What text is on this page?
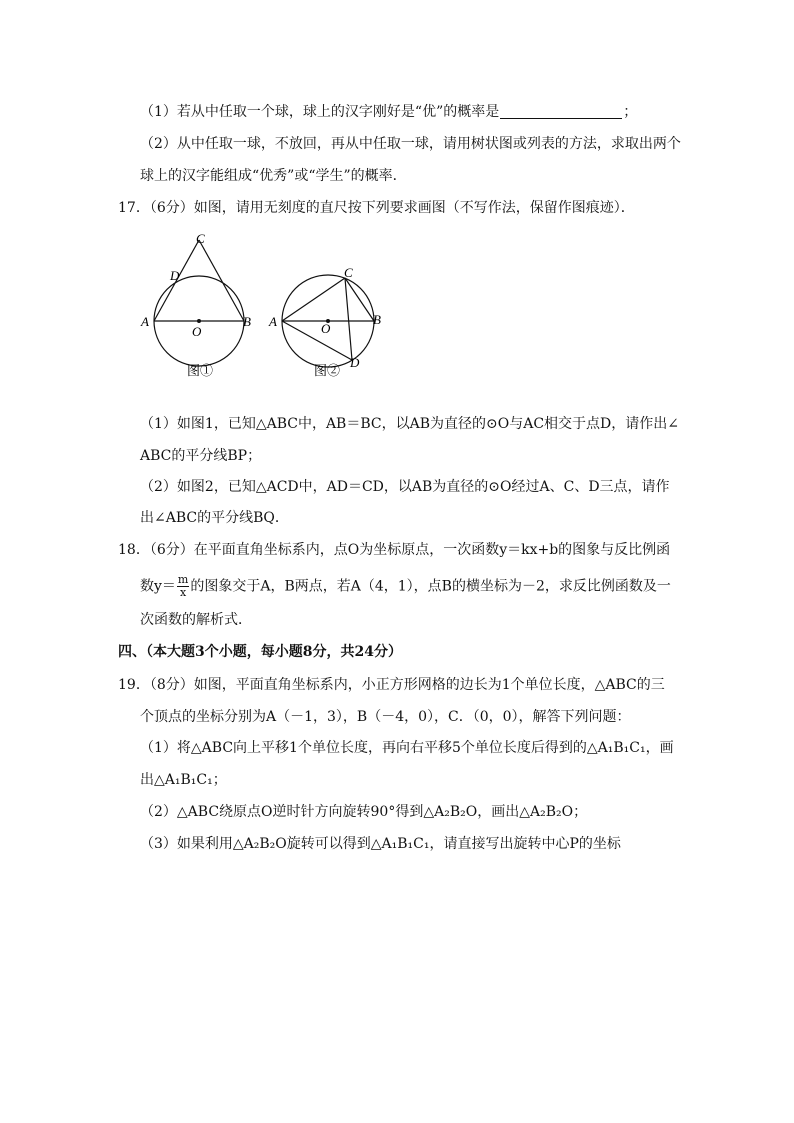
（1）若从中任取一个球，球上的汉字刚好是“优”的概率是	；
（2）从中任取一球，不放回，再从中任取一球，请用树状图或列表的方法，求取出两个
球上的汉字能组成“优秀”或“学生”的概率．
17．（6分）如图，请用无刻度的直尺按下列要求画图（不写作法，保留作图痕迹）．
C
D
A	B
O
图①
C
A	B
O
D
图②
（1）如图1，已知△ABC中，AB＝BC，以AB为直径的⊙O与AC相交于点D，请作出∠
ABC的平分线BP；
（2）如图2，已知△ACD中，AD＝CD，以AB为直径的⊙O经过A、C、D三点，请作
出∠ABC的平分线BQ．
18．（6分）在平面直角坐标系内，点O为坐标原点，一次函数y＝kx+b的图象与反比例函
数$y= \frac{m}{x}$ 的图象交于A，B两点，若A（4，1），点B的横坐标为－2，求反比例函数及一
次函数的解析式．
四、（本大题3个小题，每小题8分，共24分）
19．（8分）如图，平面直角坐标系内，小正方形网格的边长为1个单位长度，△ABC的三
个顶点的坐标分别为A（－1，3），B（－4，0），C．（0，0），解答下列问题：
（1）将△ABC向上平移1个单位长度，再向右平移5个单位长度后得到的△A₁B₁C₁，画
出△A₁B₁C₁；
（2）△ABC绕原点O逆时针方向旋转90°得到△A₂B₂O，画出△A₂B₂O；
（3）如果利用△A₂B₂O旋转可以得到△A₁B₁C₁，请直接写出旋转中心P的坐标
